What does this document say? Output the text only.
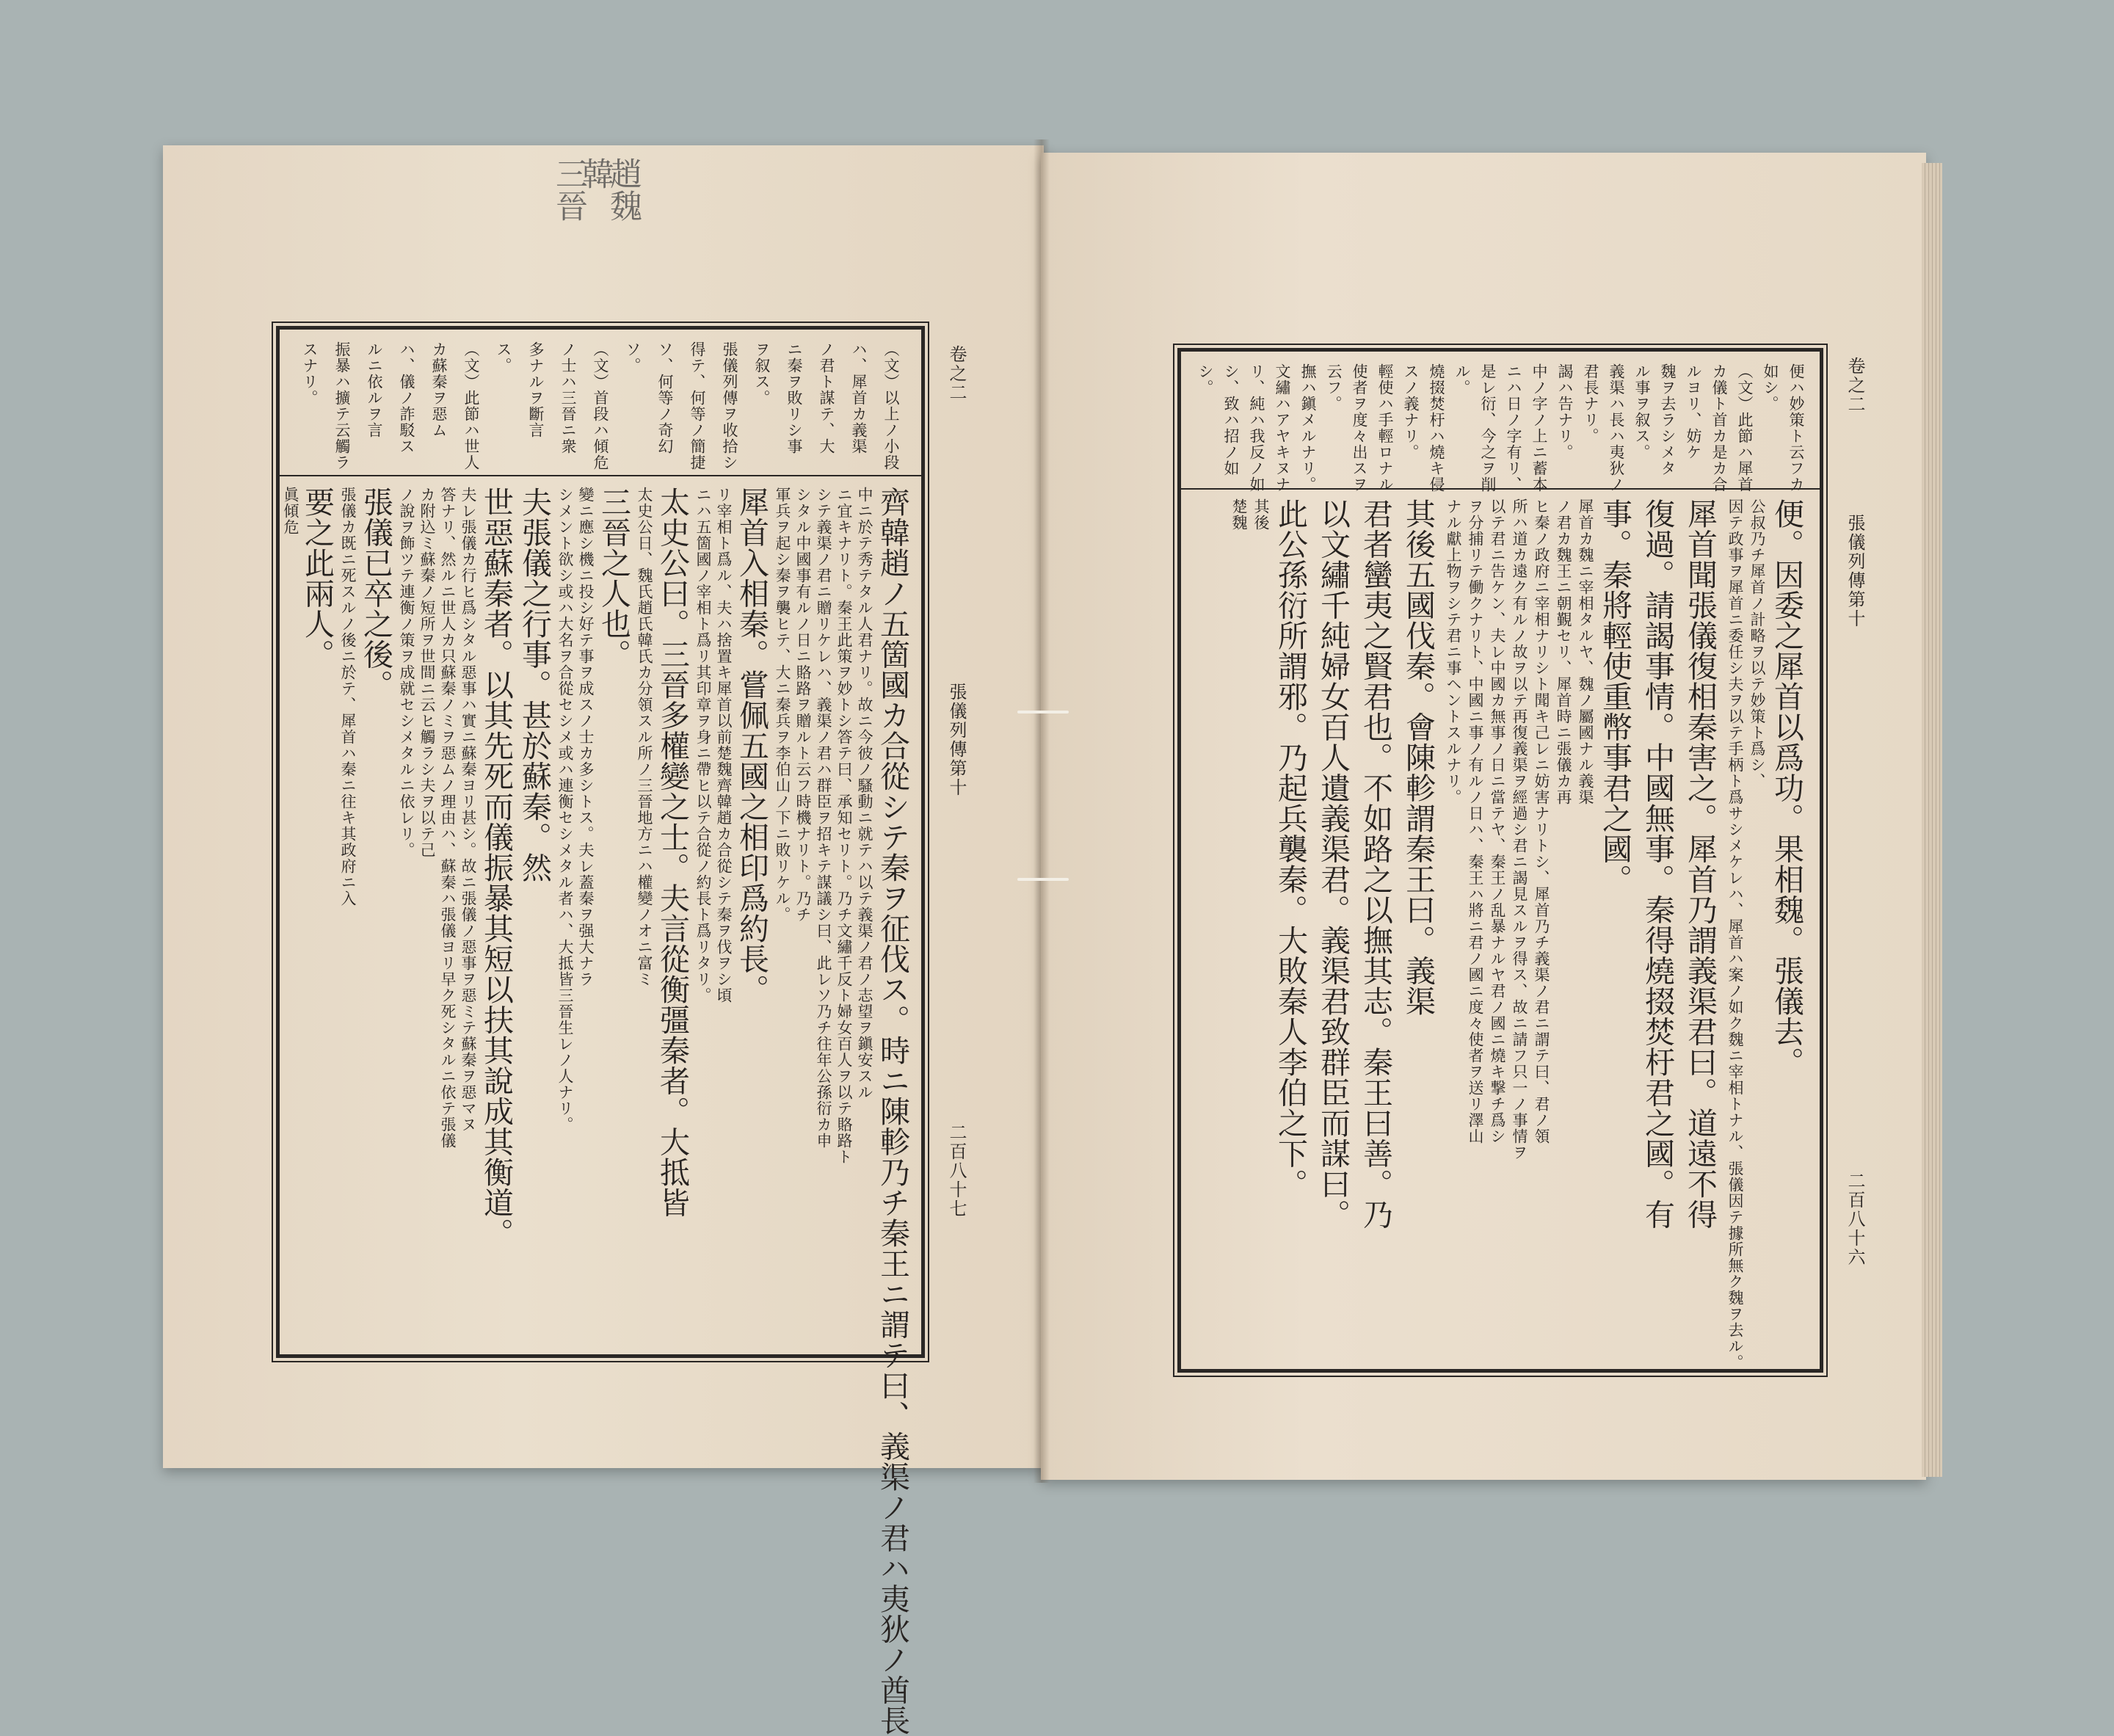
三晉
韓
趙魏
（文）以上ノ小段
ハ、犀首カ義渠
ノ君ト謀テ、大
ニ秦ヲ敗リシ事
ヲ叙ス。
張儀列傳ヲ收拾シ
得テ、何等ノ簡捷
ソ、何等ノ奇幻
ソ。
（文）首段ハ傾危
ノ士ハ三晉ニ衆
多ナルヲ斷言
ス。
（文）此節ハ世人
カ蘇秦ヲ惡ム
ハ、儀ノ詐駁ス
ルニ依ルヲ言
振暴ハ擴テ云觸ラ
スナリ。
齊韓趙ノ五箇國カ合從シテ秦ヲ征伐ス。時ニ陳軫乃チ秦王ニ謂テ曰、義渠ノ君ハ夷狄ノ酋長
中ニ於テ秀テタル人君ナリ。故ニ今彼ノ騷動ニ就テハ以テ義渠ノ君ノ志望ヲ鎭安スル
ニ宜キナリト。秦王此策ヲ妙トシ答テ曰、承知セリト。乃チ文繡千反ト婦女百人ヲ以テ賂路ト
シテ義渠ノ君ニ贈リケレハ、義渠ノ君ハ群臣ヲ招キテ謀議シ曰、此レソ乃チ往年公孫衍カ申
シタル中國事有ルノ日ニ賂路ヲ贈ルト云フ時機ナリト。乃チ
軍兵ヲ起シ秦ヲ襲ヒテ、大ニ秦兵ヲ李伯山ノ下ニ敗リケル。
犀首入相秦。嘗佩五國之相印爲約長。
リ宰相ト爲ル、夫ハ捨置キ犀首以前楚魏齊韓趙カ合從シテ秦ヲ伐ヲシ頃
ニハ五箇國ノ宰相ト爲リ其印章ヲ身ニ帶ヒ以テ合從ノ約長ト爲リタリ。
太史公曰。三晉多權變之士。夫言從衡彊秦者。大抵皆
太史公日、魏氏趙氏韓氏カ分領スル所ノ三晉地方ニハ權變ノオニ富ミ
三晉之人也。
變ニ應シ機ニ投シ好テ事ヲ成スノ士カ多シトス。夫レ蓋秦ヲ强大ナラ
シメント欲シ或ハ大名ヲ合從セシメ或ハ連衡セシメタル者ハ、大抵皆三晉生レノ人ナリ。
夫張儀之行事。甚於蘇秦。然
世惡蘇秦者。以其先死而儀振暴其短以扶其說成其衡道。
夫レ張儀カ行ヒ爲シタル惡事ハ實ニ蘇秦ヨリ甚シ。故ニ張儀ノ惡事ヲ惡ミテ蘇秦ヲ惡マヌ
答ナリ、然ルニ世人カ只蘇秦ノミヲ惡ムノ理由ハ、蘇秦ハ張儀ヨリ早ク死シタルニ依テ張儀
カ附込ミ蘇秦ノ短所ヲ世間ニ云ヒ觸ラシ夫ヲ以テ己
ノ說ヲ飾ツテ連衡ノ策ヲ成就セシメタルニ依レリ。
張儀已卒之後。
張儀カ既ニ死スルノ後ニ於テ、犀首ハ秦ニ往キ其政府ニ入
要之此兩人。
眞傾危
卷之二
張儀列傳第十
二百八十七
便ハ妙策ト云フカ
如シ。
（文）此節ハ犀首
カ儀ト首カ是カ合
ルヨリ、妨ケ
魏ヲ去ラシメタ
ル事ヲ叙ス。
義渠ハ長ハ夷狄ノ
君長ナリ。
謁ハ告ナリ。
中ノ字ノ上ニ蓄本
ニハ日ノ字有リ、
是レ衍、今之ヲ削
ル。
燒掇焚杅ハ燒キ侵
スノ義ナリ。
輕使ハ手輕ロナル
使者ヲ度々出スヲ
云フ。
撫ハ鎭メルナリ。
文繡ハアヤキヌナ
リ、純ハ我反ノ如
シ、致ハ招ノ如
シ。
便。因委之犀首以爲功。果相魏。張儀去。
公叔乃チ犀首ノ計略ヲ以テ妙策ト爲シ、
因テ政事ヲ犀首ニ委任シ夫ヲ以テ手柄ト爲サシメケレハ、犀首ハ案ノ如ク魏ニ宰相トナル、張儀因テ據所無ク魏ヲ去ル。
犀首聞張儀復相秦害之。犀首乃謂義渠君曰。道遠不得
復過。請謁事情。中國無事。秦得燒掇焚杅君之國。有
事。秦將輕使重幣事君之國。
犀首カ魏ニ宰相タルヤ、魏ノ屬國ナル義渠
ノ君カ魏王ニ朝覲セリ、犀首時ニ張儀カ再
ヒ秦ノ政府ニ宰相ナリシト聞キ己レニ妨害ナリトシ、犀首乃チ義渠ノ君ニ謂テ曰、君ノ領
所ハ道カ遠ク有ルノ故ヲ以テ再復義渠ヲ經過シ君ニ謁見スルヲ得ス、故ニ請フ只一ノ事情ヲ
以テ君ニ告ケン、夫レ中國カ無事ノ日ニ當テヤ、秦王ノ乱暴ナルヤ君ノ國ニ燒キ撃チ爲シ
ヲ分捕リテ働クナリト、中國ニ事ノ有ルノ日ハ、秦王ハ將ニ君ノ國ニ度々使者ヲ送リ澤山
ナル獻上物ヲシテ君ニ事ヘントスルナリ。
其後五國伐秦。會陳軫謂秦王曰。義渠
君者蠻夷之賢君也。不如路之以撫其志。秦王曰善。乃
以文繡千純婦女百人遺義渠君。義渠君致群臣而謀曰。
此公孫衍所謂邪。乃起兵襲秦。大敗秦人李伯之下。
其後
楚魏
卷之二
張儀列傳第十
二百八十六
